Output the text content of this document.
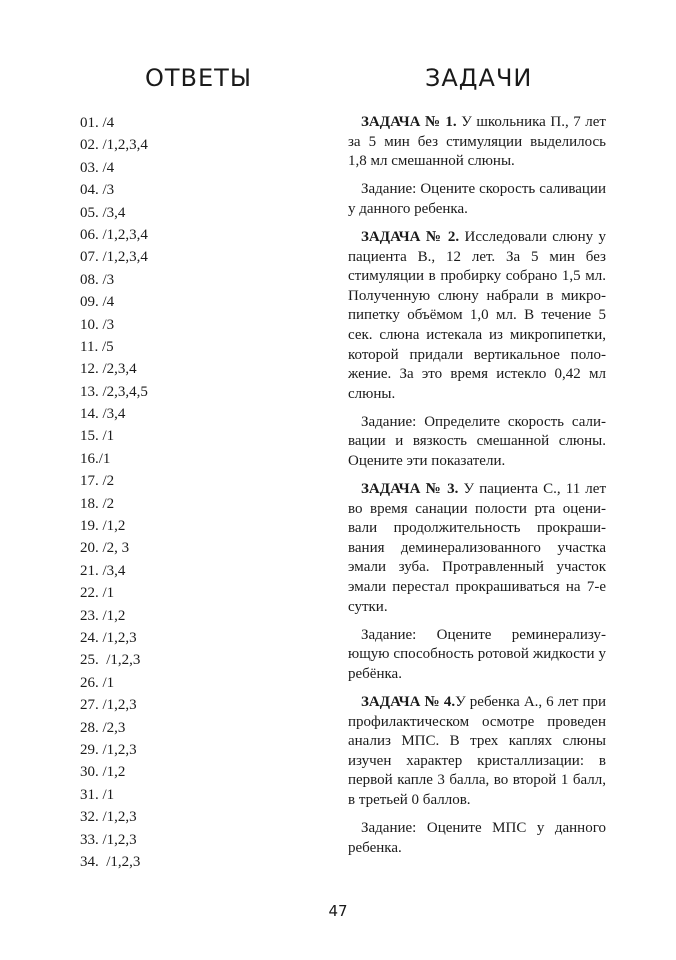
ОТВЕТЫ	ЗАДАЧИ
01. /4
02. /1,2,3,4
03. /4
04. /3
05. /3,4
06. /1,2,3,4
07. /1,2,3,4
08. /3
09. /4
10. /3
11. /5
12. /2,3,4
13. /2,3,4,5
14. /3,4
15. /1
16./1
17. /2
18. /2
19. /1,2
20. /2, 3
21. /3,4
22. /1
23. /1,2
24. /1,2,3
25.  /1,2,3
26. /1
27. /1,2,3
28. /2,3
29. /1,2,3
30. /1,2
31. /1
32. /1,2,3
33. /1,2,3
34.  /1,2,3

ЗАДАЧА № 1. У школьника П., 7 лет за 5 мин без стимуляции выделилось 1,8 мл смешанной слюны.

Задание: Оцените скорость саливации у данного ребенка.

ЗАДАЧА № 2. Исследовали слюну у пациента В., 12 лет. За 5 мин без стимуляции в пробирку собрано 1,5 мл. Полученную слюну набрали в микропипетку объёмом 1,0 мл. В течение 5 сек. слюна истекала из микропипетки, которой придали вертикальное положение. За это время истекло 0,42 мл слюны.

Задание: Определите скорость саливации и вязкость смешанной слюны. Оцените эти показатели.

ЗАДАЧА № 3. У пациента С., 11 лет во время санации полости рта оценивали продолжительность прокрашивания деминерализованного участка эмали зуба. Протравленный участок эмали перестал прокрашиваться на 7-е сутки.

Задание: Оцените реминерализующую способность ротовой жидкости у ребёнка.

ЗАДАЧА № 4.У ребенка А., 6 лет при профилактическом осмотре проведен анализ МПС. В трех каплях слюны изучен характер кристаллизации: в первой капле 3 балла, во второй 1 балл, в третьей 0 баллов.

Задание: Оцените МПС у данного ребенка.

47
